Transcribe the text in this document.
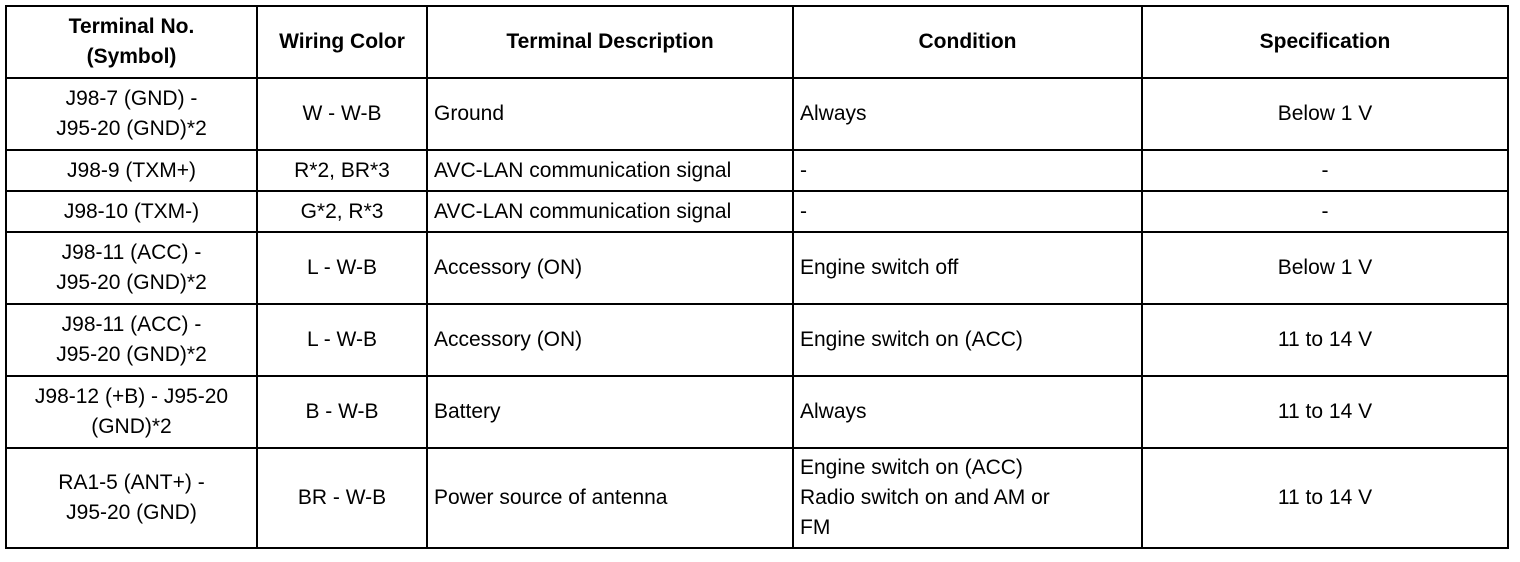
Terminal No. (Symbol)	Wiring Color	Terminal Description	Condition	Specification

J98-7 (GND) -
J95-20 (GND)*2	W - W-B	Ground	Always	Below 1 V

J98-9 (TXM+)	R*2, BR*3	AVC-LAN communication signal	-	-

J98-10 (TXM-)	G*2, R*3	AVC-LAN communication signal	-	-

J98-11 (ACC) -
J95-20 (GND)*2	L - W-B	Accessory (ON)	Engine switch off	Below 1 V

J98-11 (ACC) -
J95-20 (GND)*2	L - W-B	Accessory (ON)	Engine switch on (ACC)	11 to 14 V

J98-12 (+B) - J95-20
(GND)*2	B - W-B	Battery	Always	11 to 14 V

RA1-5 (ANT+) -
J95-20 (GND)	BR - W-B	Power source of antenna	Engine switch on (ACC)
Radio switch on and AM or
FM	11 to 14 V
